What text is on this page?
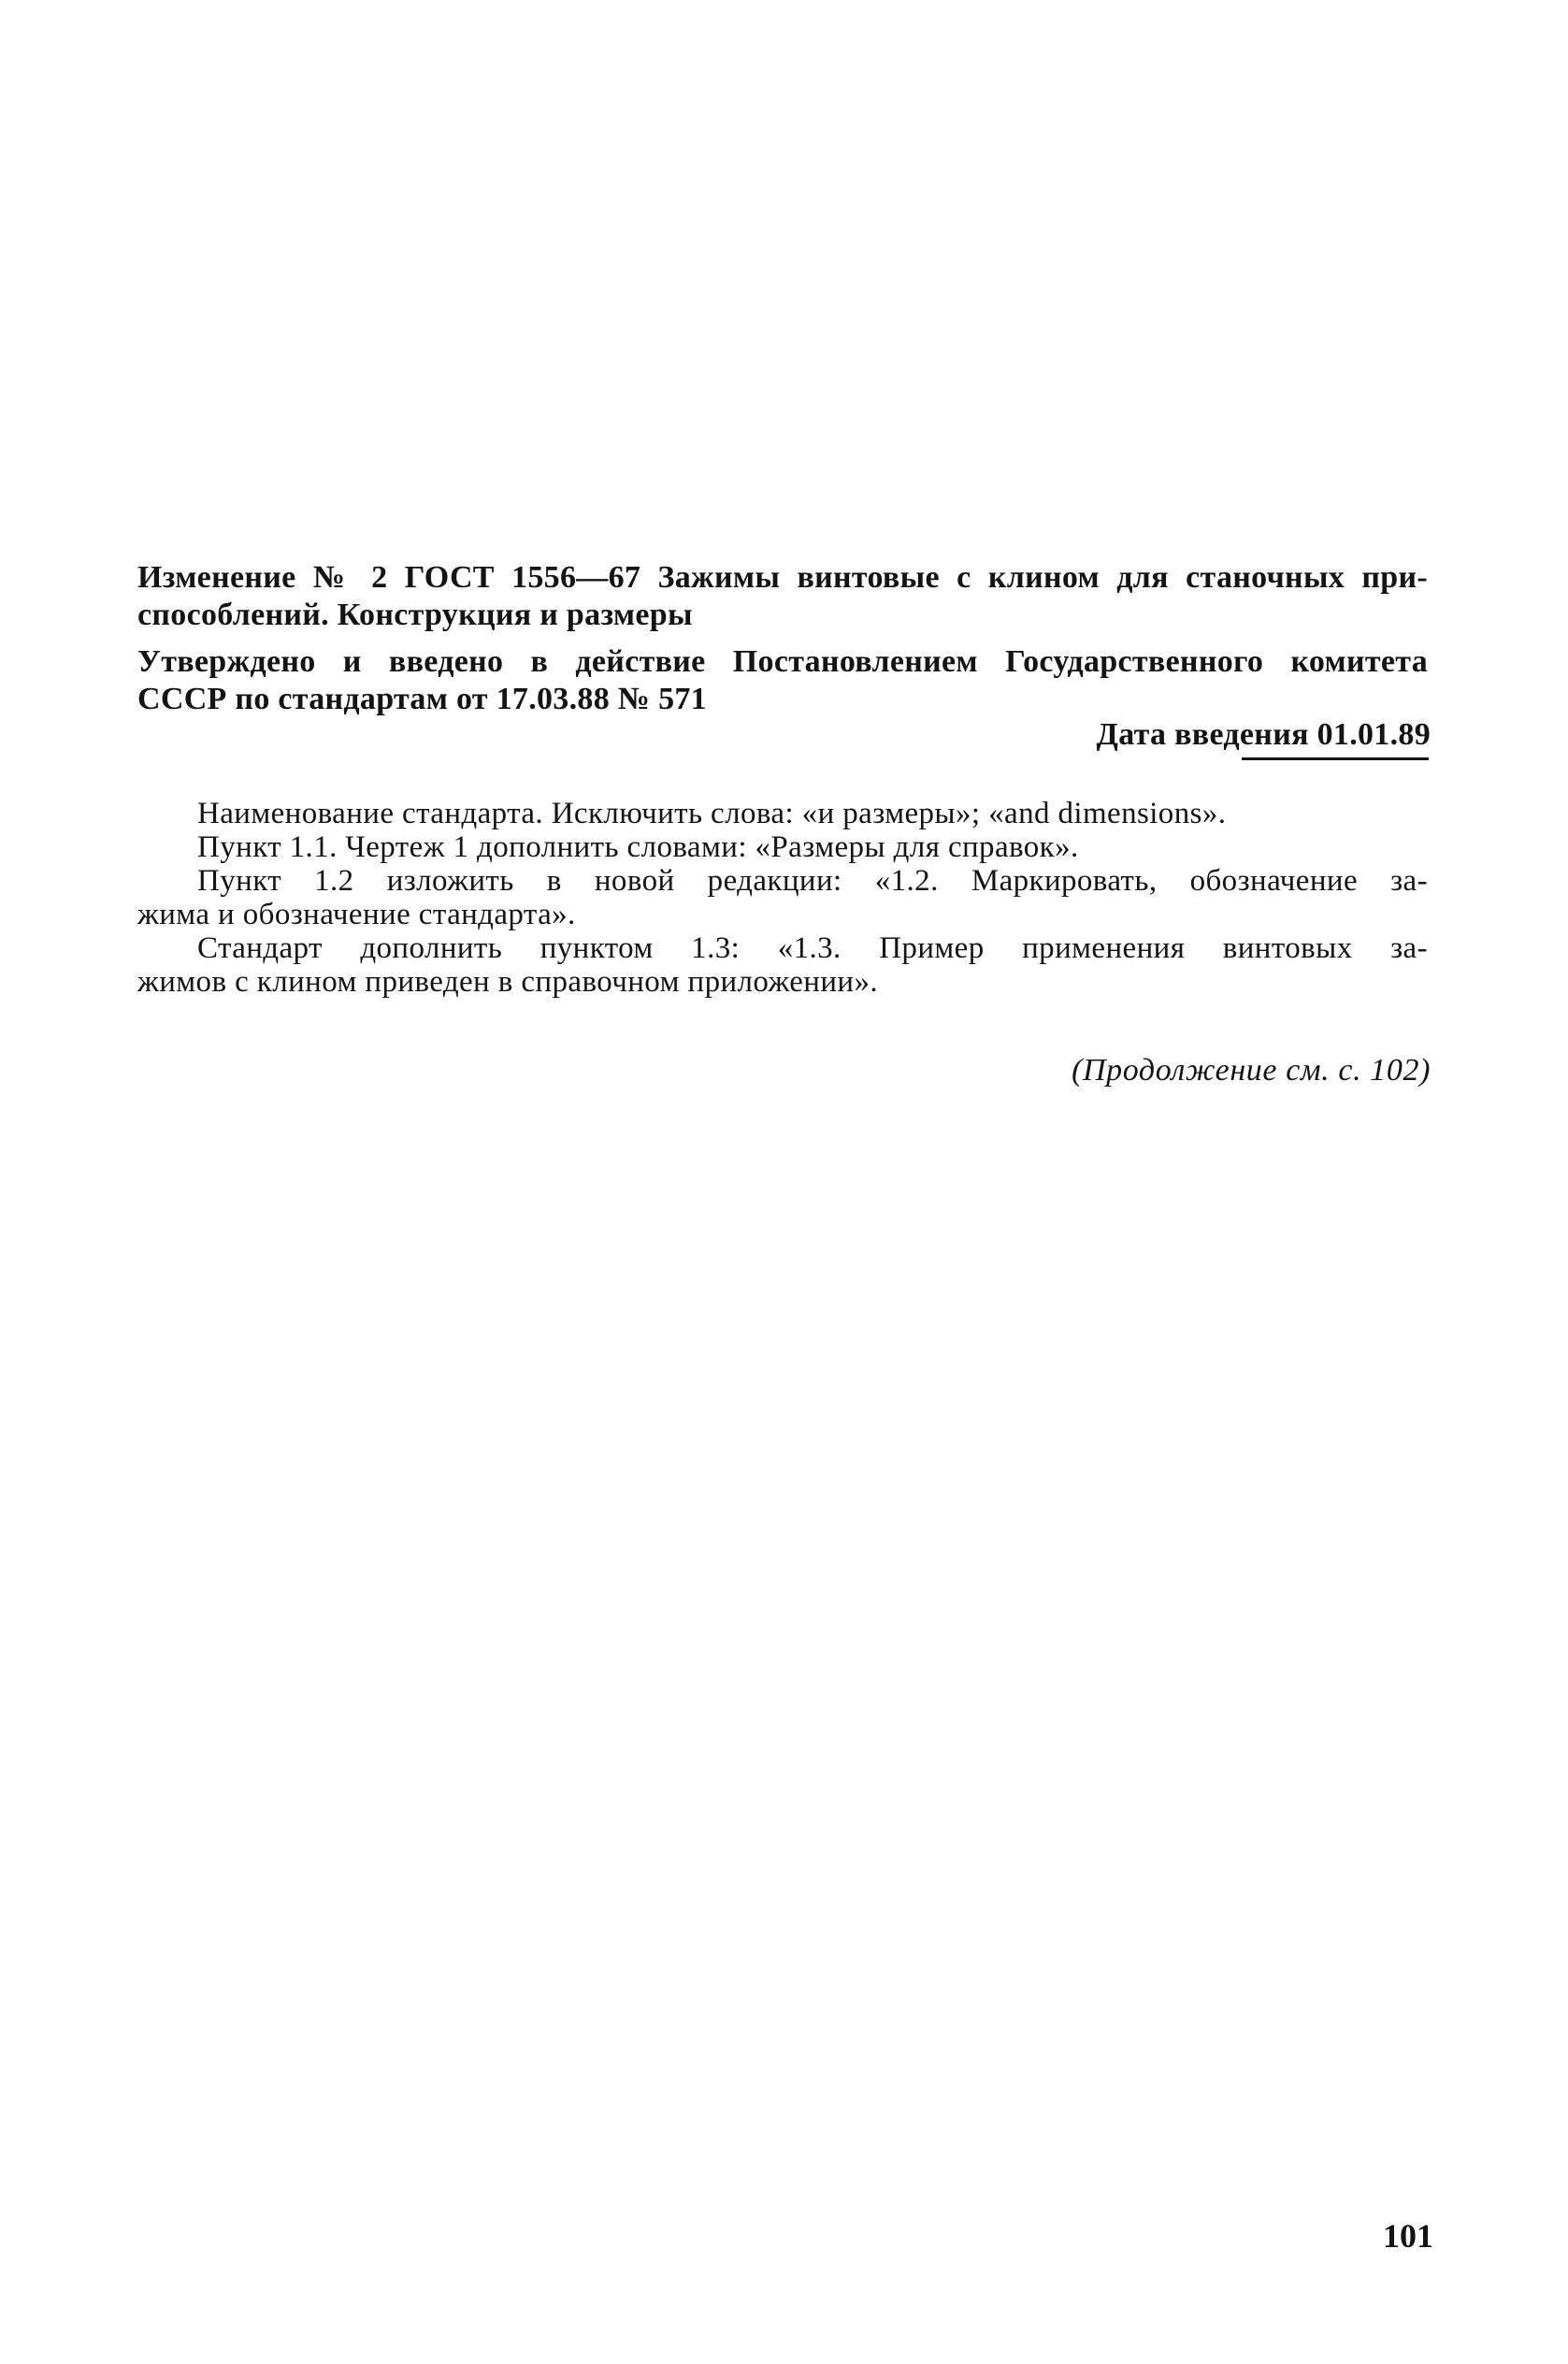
Изменение № 2 ГОСТ 1556—67 Зажимы винтовые с клином для станочных при-
способлений. Конструкция и размеры
Утверждено и введено в действие Постановлением Государственного комитета
СССР по стандартам от 17.03.88 № 571
Дата введения 01.01.89
Наименование стандарта. Исключить слова: «и размеры»; «and dimensions».
Пункт 1.1. Чертеж 1 дополнить словами: «Размеры для справок».
Пункт 1.2 изложить в новой редакции: «1.2. Маркировать, обозначение за-
жима и обозначение стандарта».
Стандарт дополнить пунктом 1.3: «1.3. Пример применения винтовых за-
жимов с клином приведен в справочном приложении».
(Продолжение см. с. 102)
101
